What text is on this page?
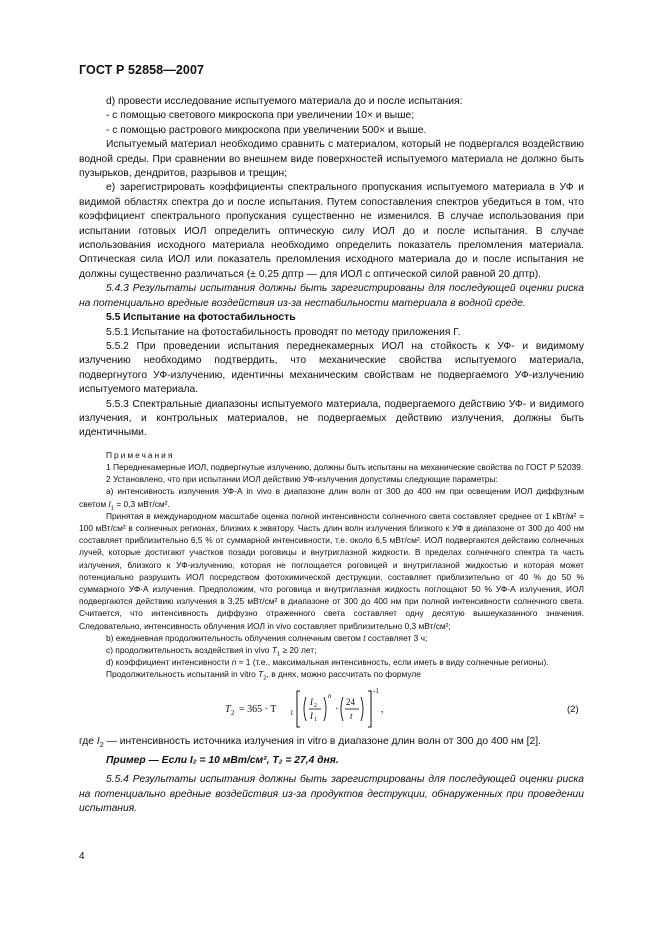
ГОСТ Р 52858—2007

d) провести исследование испытуемого материала до и после испытания:

- с помощью светового микроскопа при увеличении 10× и выше;

- с помощью растрового микроскопа при увеличении 500× и выше.

Испытуемый материал необходимо сравнить с материалом, который не подвергался воздействию водной среды. При сравнении во внешнем виде поверхностей испытуемого материала не должно быть пузырьков, дендритов, разрывов и трещин;

e) зарегистрировать коэффициенты спектрального пропускания испытуемого материала в УФ и видимой областях спектра до и после испытания. Путем сопоставления спектров убедиться в том, что коэффициент спектрального пропускания существенно не изменился. В случае использования при испытании готовых ИОЛ определить оптическую силу ИОЛ до и после испытания. В случае использования исходного материала необходимо определить показатель преломления материала. Оптическая сила ИОЛ или показатель преломления исходного материала до и после испытания не должны существенно различаться (± 0,25 дптр — для ИОЛ с оптической силой равной 20 дптр).

5.4.3 Результаты испытания должны быть зарегистрированы для последующей оценки риска на потенциально вредные воздействия из-за нестабильности материала в водной среде.

5.5 Испытание на фотостабильность

5.5.1 Испытание на фотостабильность проводят по методу приложения Г.

5.5.2 При проведении испытания переднекамерных ИОЛ на стойкость к УФ- и видимому излучению необходимо подтвердить, что механические свойства испытуемого материала, подвергнутого УФ-излучению, идентичны механическим свойствам не подвергаемого УФ-излучению испытуемого материала.

5.5.3 Спектральные диапазоны испытуемого материала, подвергаемого действию УФ- и видимого излучения, и контрольных материалов, не подвергаемых действию излучения, должны быть идентичными.

Примечания

1 Переднекамерные ИОЛ, подвергнутые излучению, должны быть испытаны на механические свойства по ГОСТ Р 52039.

2 Установлено, что при испытании ИОЛ действию УФ-излучения допустимы следующие параметры:

a) интенсивность излучения УФ-А in vivo в диапазоне длин волн от 300 до 400 нм при освещении ИОЛ диффузным светом $I_1 = 0,3$ мВт/см².

Принятая в международном масштабе оценка полной интенсивности солнечного света составляет среднее от 1 кВт/м² = 100 мВт/см² в солнечных регионах, близких к экватору. Часть длин волн излучения близкого к УФ в диапазоне от 300 до 400 нм составляет приблизительно 6,5 % от суммарной интенсивности, т.е. около 6,5 мВт/см². ИОЛ подвергаются действию солнечных лучей, которые достигают участков позади роговицы и внутриглазной жидкости. В пределах солнечного спектра та часть излучения, близкого к УФ-излучению, которая не поглощается роговицей и внутриглазной жидкостью и которая может потенциально разрушить ИОЛ посредством фотохимической деструкции, составляет приблизительно от 40 % до 50 % суммарного УФ-А излучения. Предположим, что роговица и внутриглазная жидкость поглощают 50 % УФ-А излучения, ИОЛ подвергаются действию излучения в 3,25 мВт/см² в диапазоне от 300 до 400 нм при полной интенсивности солнечного света. Считается, что интенсивность диффузно отраженного света составляет одну десятую вышеуказанного значения. Следовательно, интенсивность облучения ИОЛ in vivo составляет приблизительно 0,3 мВт/см²;

b) ежедневная продолжительность облучения солнечным светом t составляет 3 ч;

c) продолжительность воздействия in vivo $T_1 \ge 20$ лет;

d) коэффициент интенсивности n ≈ 1 (т.е., максимальная интенсивность, если иметь в виду солнечные регионы).

Продолжительность испытаний in vitro $T_2$, в днях, можно рассчитать по формуле

T 2 = 365 · T 1
I 2
I 1
n
·
24
t
-1
,	(2)

где $I_2$ — интенсивность источника излучения in vitro в диапазоне длин волн от 300 до 400 нм [2].

Пример — Если I₂ = 10 мВт/см², T₂ = 27,4 дня.

5.5.4 Результаты испытания должны быть зарегистрированы для последующей оценки риска на потенциально вредные воздействия из-за продуктов деструкции, обнаруженных при проведении испытания.

4
